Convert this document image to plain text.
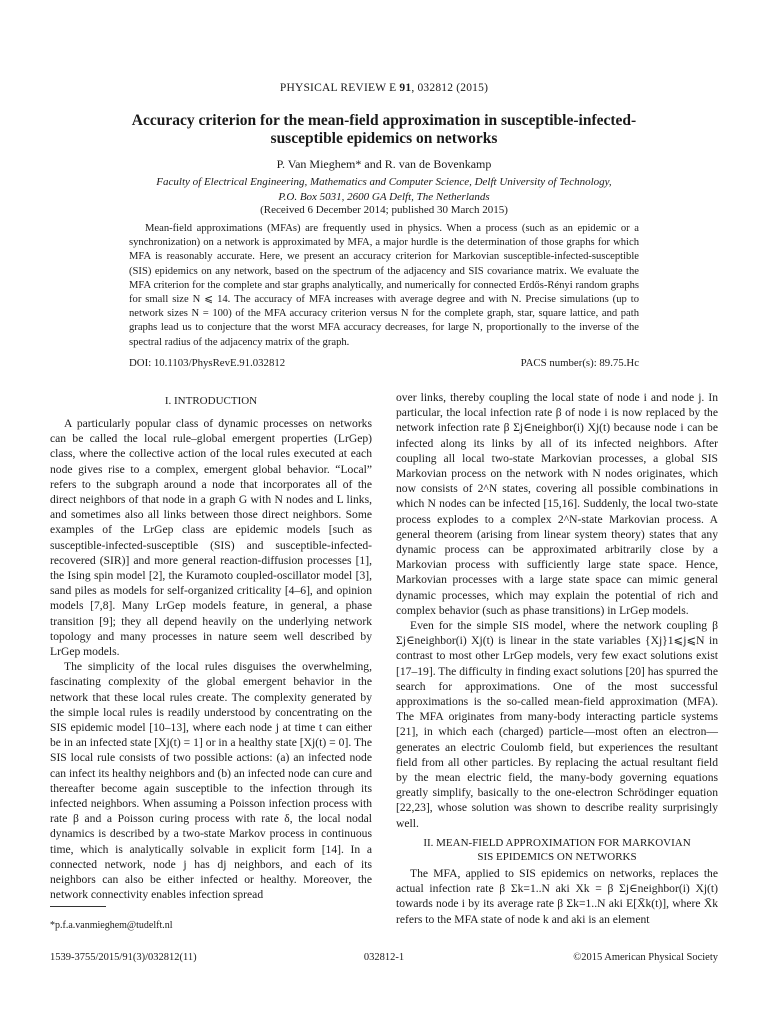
PHYSICAL REVIEW E 91, 032812 (2015)
Accuracy criterion for the mean-field approximation in susceptible-infected-susceptible epidemics on networks
P. Van Mieghem* and R. van de Bovenkamp
Faculty of Electrical Engineering, Mathematics and Computer Science, Delft University of Technology,
P.O. Box 5031, 2600 GA Delft, The Netherlands
(Received 6 December 2014; published 30 March 2015)
Mean-field approximations (MFAs) are frequently used in physics. When a process (such as an epidemic or a synchronization) on a network is approximated by MFA, a major hurdle is the determination of those graphs for which MFA is reasonably accurate. Here, we present an accuracy criterion for Markovian susceptible-infected-susceptible (SIS) epidemics on any network, based on the spectrum of the adjacency and SIS covariance matrix. We evaluate the MFA criterion for the complete and star graphs analytically, and numerically for connected Erdős-Rényi random graphs for small size N ⩽ 14. The accuracy of MFA increases with average degree and with N. Precise simulations (up to network sizes N = 100) of the MFA accuracy criterion versus N for the complete graph, star, square lattice, and path graphs lead us to conjecture that the worst MFA accuracy decreases, for large N, proportionally to the inverse of the spectral radius of the adjacency matrix of the graph.
DOI: 10.1103/PhysRevE.91.032812	PACS number(s): 89.75.Hc
I. INTRODUCTION

A particularly popular class of dynamic processes on networks can be called the local rule–global emergent properties (LrGep) class, where the collective action of the local rules executed at each node gives rise to a complex, emergent global behavior. “Local” refers to the subgraph around a node that incorporates all of the direct neighbors of that node in a graph G with N nodes and L links, and sometimes also all links between those direct neighbors. Some examples of the LrGep class are epidemic models [such as susceptible-infected-susceptible (SIS) and susceptible-infected-recovered (SIR)] and more general reaction-diffusion processes [1], the Ising spin model [2], the Kuramoto coupled-oscillator model [3], sand piles as models for self-organized criticality [4–6], and opinion models [7,8]. Many LrGep models feature, in general, a phase transition [9]; they all depend heavily on the underlying network topology and many processes in nature seem well described by LrGep models.

The simplicity of the local rules disguises the overwhelming, fascinating complexity of the global emergent behavior in the network that these local rules create. The complexity generated by the simple local rules is readily understood by concentrating on the SIS epidemic model [10–13], where each node j at time t can either be in an infected state [Xj(t) = 1] or in a healthy state [Xj(t) = 0]. The SIS local rule consists of two possible actions: (a) an infected node can infect its healthy neighbors and (b) an infected node can cure and thereafter become again susceptible to the infection through its infected neighbors. When assuming a Poisson infection process with rate β and a Poisson curing process with rate δ, the local nodal dynamics is described by a two-state Markov process in continuous time, which is analytically solvable in explicit form [14]. In a connected network, node j has dj neighbors, and each of its neighbors can also be either infected or healthy. Moreover, the network connectivity enables infection spread

over links, thereby coupling the local state of node i and node j. In particular, the local infection rate β of node i is now replaced by the network infection rate β Σj∈neighbor(i) Xj(t) because node i can be infected along its links by all of its infected neighbors. After coupling all local two-state Markovian processes, a global SIS Markovian process on the network with N nodes originates, which now consists of 2^N states, covering all possible combinations in which N nodes can be infected [15,16]. Suddenly, the local two-state process explodes to a complex 2^N-state Markovian process. A general theorem (arising from linear system theory) states that any dynamic process can be approximated arbitrarily close by a Markovian process with sufficiently large state space. Hence, Markovian processes with a large state space can mimic general dynamic processes, which may explain the potential of rich and complex behavior (such as phase transitions) in LrGep models.

Even for the simple SIS model, where the network coupling β Σj∈neighbor(i) Xj(t) is linear in the state variables {Xj}1⩽j⩽N in contrast to most other LrGep models, very few exact solutions exist [17–19]. The difficulty in finding exact solutions [20] has spurred the search for approximations. One of the most successful approximations is the so-called mean-field approximation (MFA). The MFA originates from many-body interacting particle systems [21], in which each (charged) particle—most often an electron—generates an electric Coulomb field, but experiences the resultant field from all other particles. By replacing the actual resultant field by the mean electric field, the many-body governing equations greatly simplify, basically to the one-electron Schrödinger equation [22,23], whose solution was shown to describe reality surprisingly well.

II. MEAN-FIELD APPROXIMATION FOR MARKOVIAN
SIS EPIDEMICS ON NETWORKS

The MFA, applied to SIS epidemics on networks, replaces the actual infection rate β Σk=1..N aki Xk = β Σj∈neighbor(i) Xj(t) towards node i by its average rate β Σk=1..N aki E[X̄k(t)], where X̄k refers to the MFA state of node k and aki is an element

*p.f.a.vanmieghem@tudelft.nl
1539-3755/2015/91(3)/032812(11)	032812-1	©2015 American Physical Society
